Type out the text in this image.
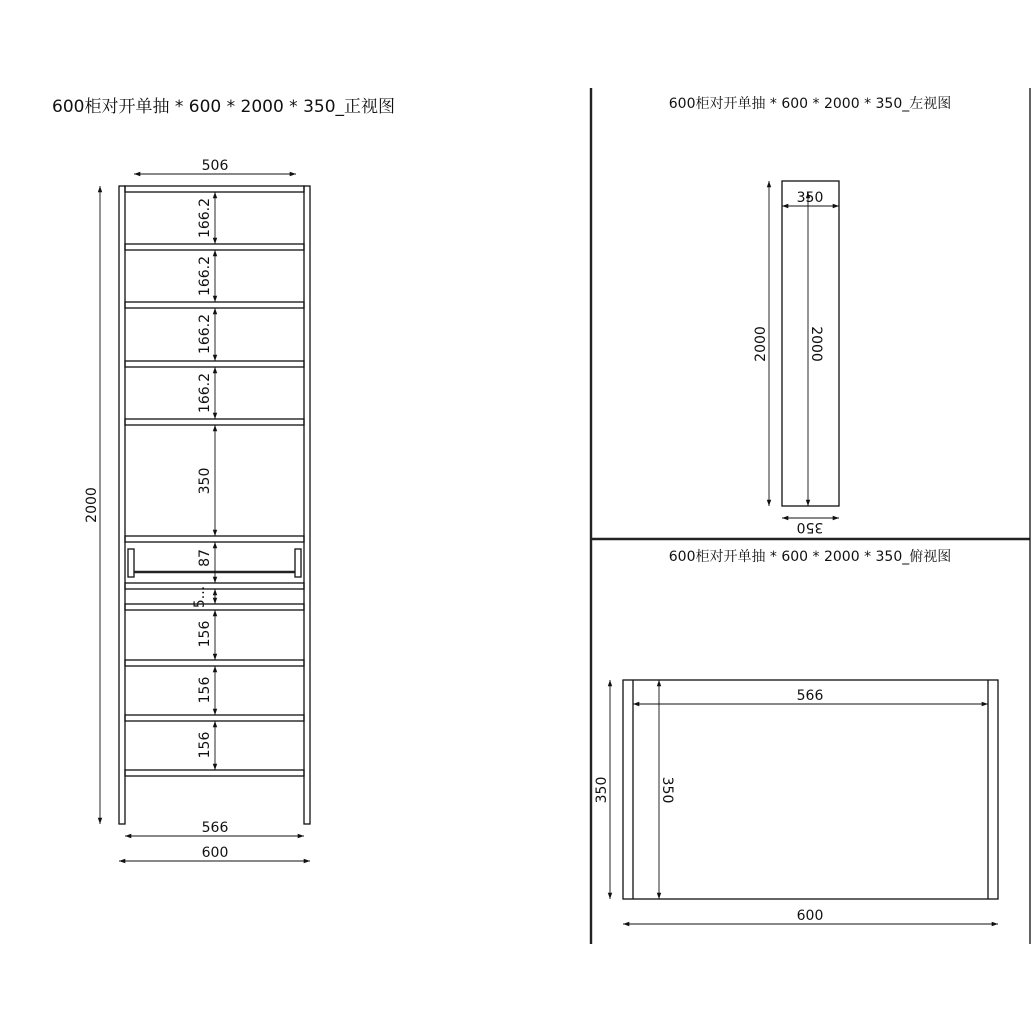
600柜对开单抽 * 600 * 2000 * 350_正视图
506
2000
566
600
166.2
166.2
166.2
166.2
350
87
5...
156
156
156
600柜对开单抽 * 600 * 2000 * 350_左视图
350
2000	2000
350
600柜对开单抽 * 600 * 2000 * 350_俯视图
566
350	350
600
